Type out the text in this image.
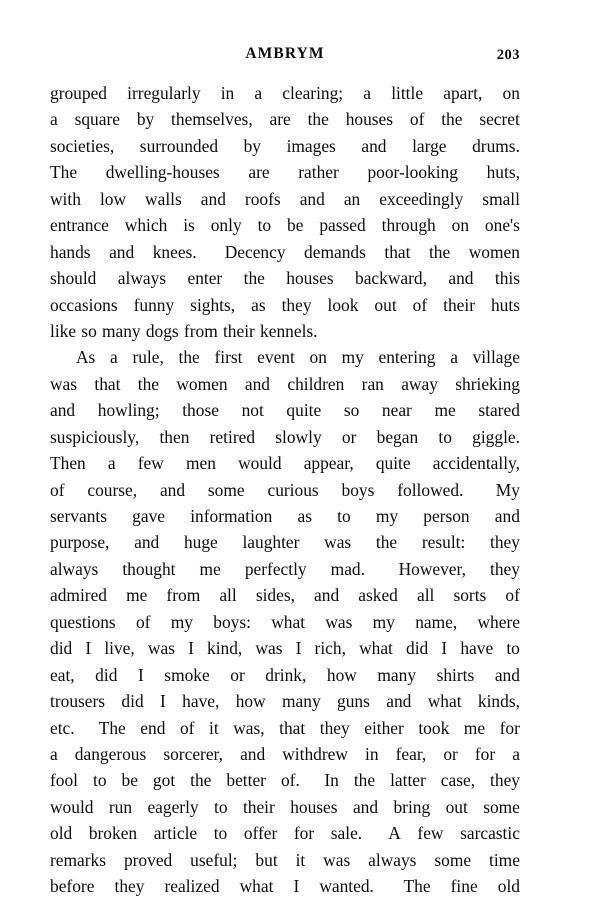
AMBRYM	203
grouped irregularly in a clearing; a little apart, on
a square by themselves, are the houses of the secret
societies, surrounded by images and large drums.
The dwelling-houses are rather poor-looking huts,
with low walls and roofs and an exceedingly small
entrance which is only to be passed through on one's
hands and knees. Decency demands that the women
should always enter the houses backward, and this
occasions funny sights, as they look out of their huts
like so many dogs from their kennels.
As a rule, the first event on my entering a village
was that the women and children ran away shrieking
and howling; those not quite so near me stared
suspiciously, then retired slowly or began to giggle.
Then a few men would appear, quite accidentally,
of course, and some curious boys followed. My
servants gave information as to my person and
purpose, and huge laughter was the result: they
always thought me perfectly mad. However, they
admired me from all sides, and asked all sorts of
questions of my boys: what was my name, where
did I live, was I kind, was I rich, what did I have to
eat, did I smoke or drink, how many shirts and
trousers did I have, how many guns and what kinds,
etc. The end of it was, that they either took me for
a dangerous sorcerer, and withdrew in fear, or for a
fool to be got the better of. In the latter case, they
would run eagerly to their houses and bring out some
old broken article to offer for sale. A few sarcastic
remarks proved useful; but it was always some time
before they realized what I wanted. The fine old
